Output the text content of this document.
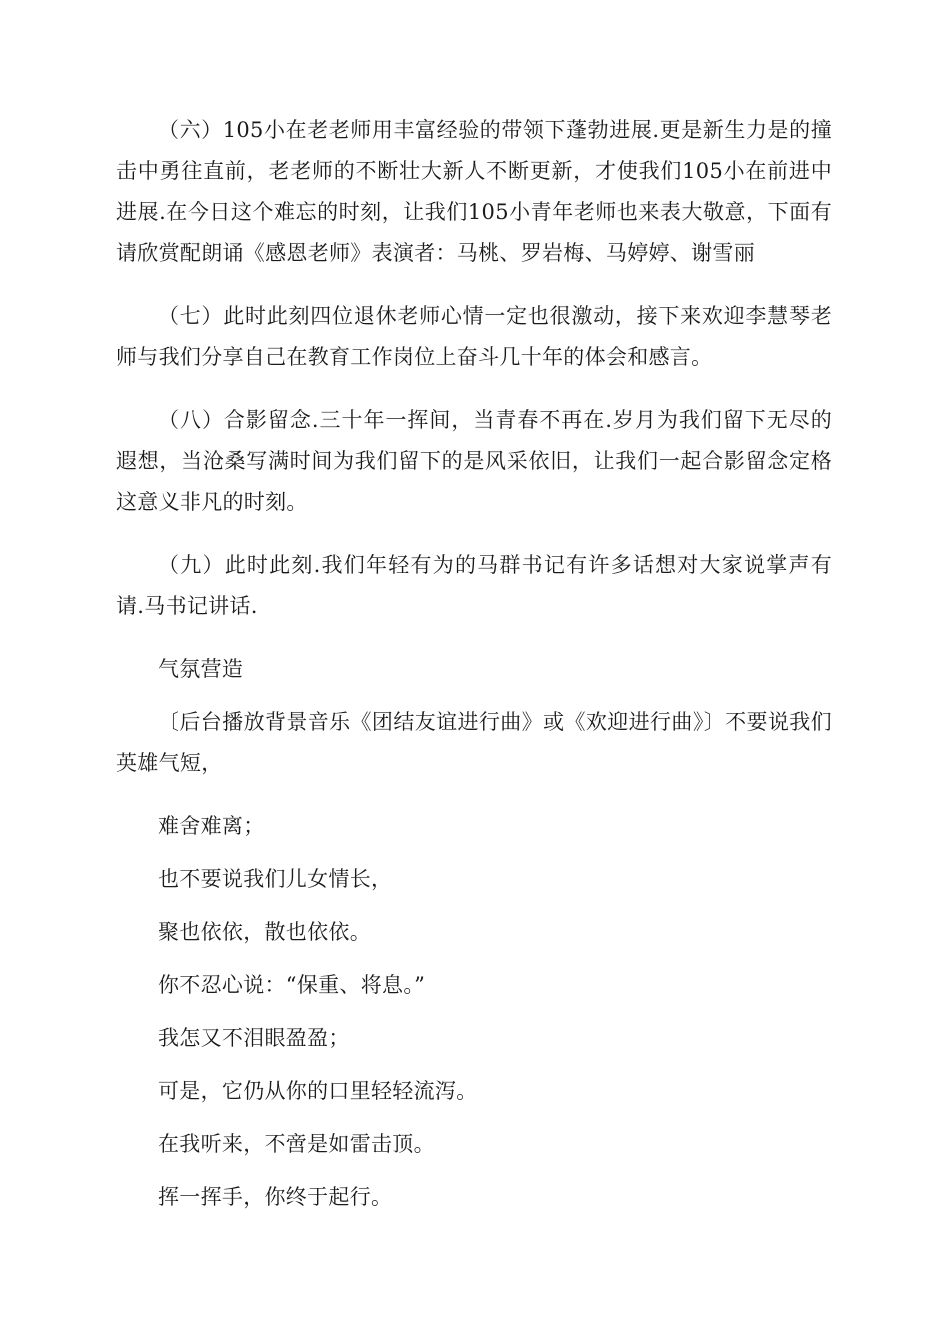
（六）105小在老老师用丰富经验的带领下蓬勃进展.更是新生力是的撞击中勇往直前，老老师的不断壮大新人不断更新，才使我们105小在前进中进展.在今日这个难忘的时刻，让我们105小青年老师也来表大敬意，下面有请欣赏配朗诵《感恩老师》表演者：马桃、罗岩梅、马婷婷、谢雪丽

（七）此时此刻四位退休老师心情一定也很激动，接下来欢迎李慧琴老师与我们分享自己在教育工作岗位上奋斗几十年的体会和感言。

（八）合影留念.三十年一挥间，当青春不再在.岁月为我们留下无尽的遐想，当沧桑写满时间为我们留下的是风采依旧，让我们一起合影留念定格这意义非凡的时刻。

（九）此时此刻.我们年轻有为的马群书记有许多话想对大家说掌声有请.马书记讲话.

气氛营造

〔后台播放背景音乐《团结友谊进行曲》或《欢迎进行曲》〕不要说我们英雄气短，

难舍难离；

也不要说我们儿女情长，

聚也依依，散也依依。

你不忍心说：“保重、将息。”

我怎又不泪眼盈盈；

可是，它仍从你的口里轻轻流泻。

在我听来，不啻是如雷击顶。

挥一挥手，你终于起行。
